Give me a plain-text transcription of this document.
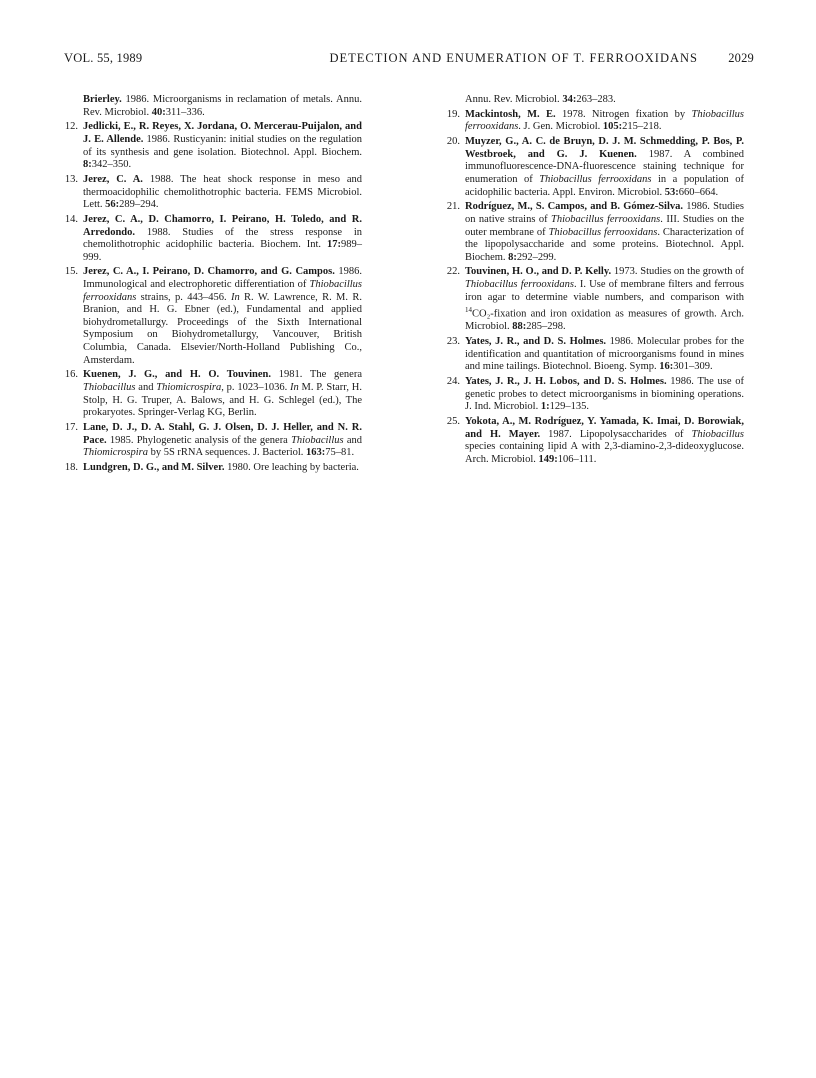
VOL. 55, 1989	DETECTION AND ENUMERATION OF T. FERROOXIDANS 2029

Brierley. 1986. Microorganisms in reclamation of metals. Annu. Rev. Microbiol. 40:311–336.

12. Jedlicki, E., R. Reyes, X. Jordana, O. Mercerau-Puijalon, and J. E. Allende. 1986. Rusticyanin: initial studies on the regulation of its synthesis and gene isolation. Biotechnol. Appl. Biochem. 8:342–350.

13. Jerez, C. A. 1988. The heat shock response in meso and thermoacidophilic chemolithotrophic bacteria. FEMS Microbiol. Lett. 56:289–294.

14. Jerez, C. A., D. Chamorro, I. Peirano, H. Toledo, and R. Arredondo. 1988. Studies of the stress response in chemolithotrophic acidophilic bacteria. Biochem. Int. 17:989–999.

15. Jerez, C. A., I. Peirano, D. Chamorro, and G. Campos. 1986. Immunological and electrophoretic differentiation of Thiobacillus ferrooxidans strains, p. 443–456. In R. W. Lawrence, R. M. R. Branion, and H. G. Ebner (ed.), Fundamental and applied biohydrometallurgy. Proceedings of the Sixth International Symposium on Biohydrometallurgy, Vancouver, British Columbia, Canada. Elsevier/North-Holland Publishing Co., Amsterdam.

16. Kuenen, J. G., and H. O. Touvinen. 1981. The genera Thiobacillus and Thiomicrospira, p. 1023–1036. In M. P. Starr, H. Stolp, H. G. Truper, A. Balows, and H. G. Schlegel (ed.), The prokaryotes. Springer-Verlag KG, Berlin.

17. Lane, D. J., D. A. Stahl, G. J. Olsen, D. J. Heller, and N. R. Pace. 1985. Phylogenetic analysis of the genera Thiobacillus and Thiomicrospira by 5S rRNA sequences. J. Bacteriol. 163:75–81.

18. Lundgren, D. G., and M. Silver. 1980. Ore leaching by bacteria.

Annu. Rev. Microbiol. 34:263–283.

19. Mackintosh, M. E. 1978. Nitrogen fixation by Thiobacillus ferrooxidans. J. Gen. Microbiol. 105:215–218.

20. Muyzer, G., A. C. de Bruyn, D. J. M. Schmedding, P. Bos, P. Westbroek, and G. J. Kuenen. 1987. A combined immunofluorescence-DNA-fluorescence staining technique for enumeration of Thiobacillus ferrooxidans in a population of acidophilic bacteria. Appl. Environ. Microbiol. 53:660–664.

21. Rodríguez, M., S. Campos, and B. Gómez-Silva. 1986. Studies on native strains of Thiobacillus ferrooxidans. III. Studies on the outer membrane of Thiobacillus ferrooxidans. Characterization of the lipopolysaccharide and some proteins. Biotechnol. Appl. Biochem. 8:292–299.

22. Touvinen, H. O., and D. P. Kelly. 1973. Studies on the growth of Thiobacillus ferrooxidans. I. Use of membrane filters and ferrous iron agar to determine viable numbers, and comparison with $^{14}$CO₂-fixation and iron oxidation as measures of growth. Arch. Microbiol. 88:285–298.

23. Yates, J. R., and D. S. Holmes. 1986. Molecular probes for the identification and quantitation of microorganisms found in mines and mine tailings. Biotechnol. Bioeng. Symp. 16:301–309.

24. Yates, J. R., J. H. Lobos, and D. S. Holmes. 1986. The use of genetic probes to detect microorganisms in biomining operations. J. Ind. Microbiol. 1:129–135.

25. Yokota, A., M. Rodríguez, Y. Yamada, K. Imai, D. Borowiak, and H. Mayer. 1987. Lipopolysaccharides of Thiobacillus species containing lipid A with 2,3-diamino-2,3-dideoxyglucose. Arch. Microbiol. 149:106–111.
